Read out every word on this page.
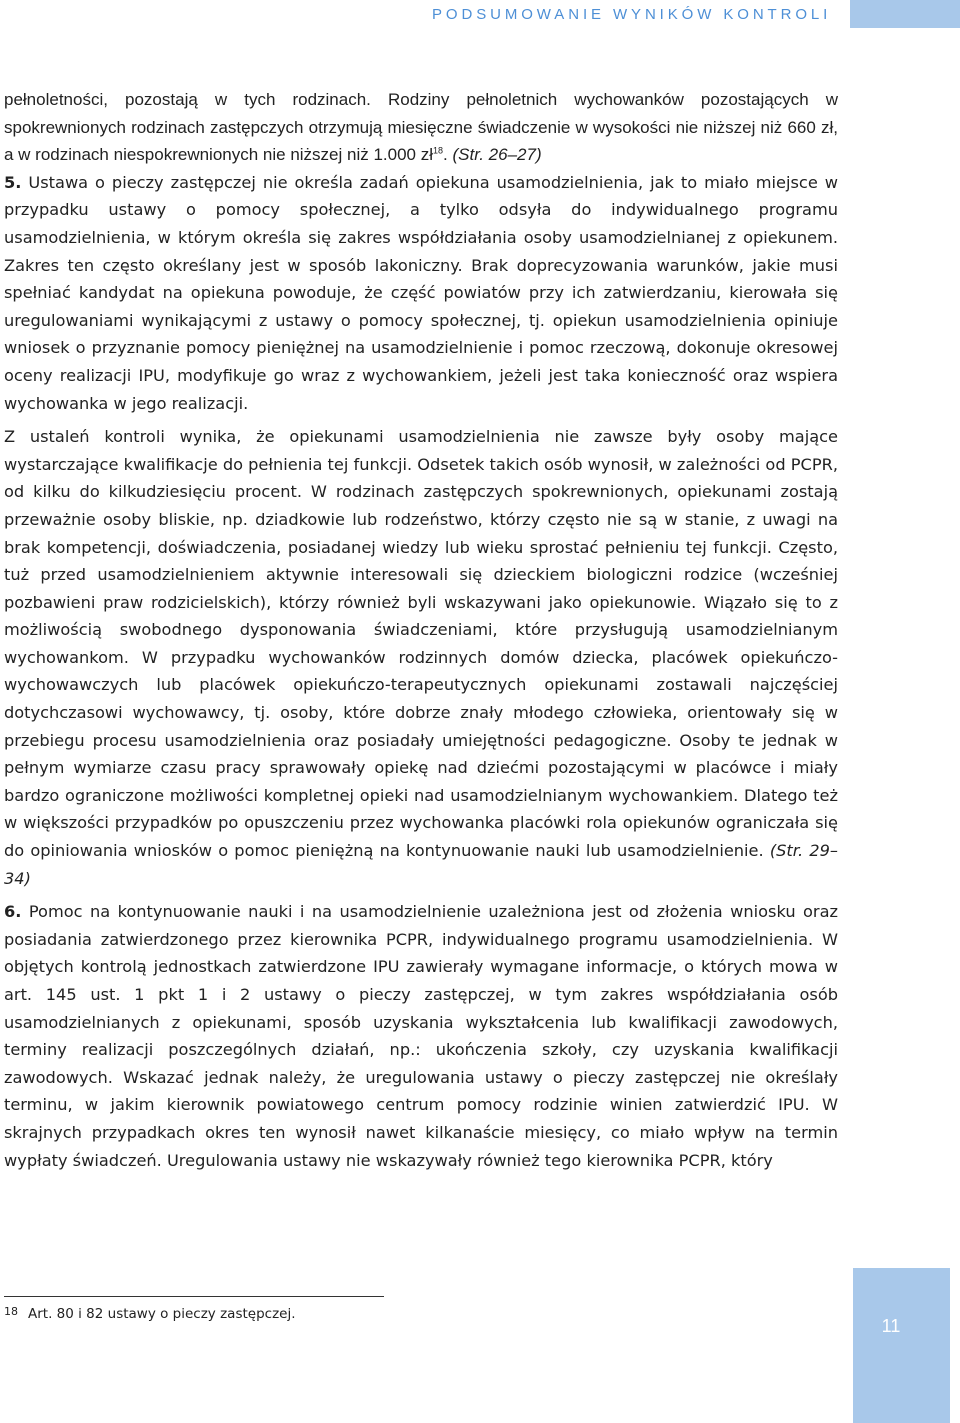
PODSUMOWANIE WYNIKÓW KONTROLI

pełnoletności, pozostają w tych rodzinach. Rodziny pełnoletnich wychowanków pozostających w spokrewnionych rodzinach zastępczych otrzymują miesięczne świadczenie w wysokości nie niższej niż 660 zł, a w rodzinach niespokrewnionych nie niższej niż 1.000 $zł^{18}$. (Str. 26–27)

5. Ustawa o pieczy zastępczej nie określa zadań opiekuna usamodzielnienia, jak to miało miejsce w przypadku ustawy o pomocy społecznej, a tylko odsyła do indywidualnego programu usamodzielnienia, w którym określa się zakres współdziałania osoby usamodzielnianej z opiekunem. Zakres ten często określany jest w sposób lakoniczny. Brak doprecyzowania warunków, jakie musi spełniać kandydat na opiekuna powoduje, że część powiatów przy ich zatwierdzaniu, kierowała się uregulowaniami wynikającymi z ustawy o pomocy społecznej, tj. opiekun usamodzielnienia opiniuje wniosek o przyznanie pomocy pieniężnej na usamodzielnienie i pomoc rzeczową, dokonuje okresowej oceny realizacji IPU, modyfikuje go wraz z wychowankiem, jeżeli jest taka konieczność oraz wspiera wychowanka w jego realizacji.

Z ustaleń kontroli wynika, że opiekunami usamodzielnienia nie zawsze były osoby mające wystarczające kwalifikacje do pełnienia tej funkcji. Odsetek takich osób wynosił, w zależności od PCPR, od kilku do kilkudziesięciu procent. W rodzinach zastępczych spokrewnionych, opiekunami zostają przeważnie osoby bliskie, np. dziadkowie lub rodzeństwo, którzy często nie są w stanie, z uwagi na brak kompetencji, doświadczenia, posiadanej wiedzy lub wieku sprostać pełnieniu tej funkcji. Często, tuż przed usamodzielnieniem aktywnie interesowali się dzieckiem biologiczni rodzice (wcześniej pozbawieni praw rodzicielskich), którzy również byli wskazywani jako opiekunowie. Wiązało się to z możliwością swobodnego dysponowania świadczeniami, które przysługują usamodzielnianym wychowankom. W przypadku wychowanków rodzinnych domów dziecka, placówek opiekuńczo-wychowawczych lub placówek opiekuńczo-terapeutycznych opiekunami zostawali najczęściej dotychczasowi wychowawcy, tj. osoby, które dobrze znały młodego człowieka, orientowały się w przebiegu procesu usamodzielnienia oraz posiadały umiejętności pedagogiczne. Osoby te jednak w pełnym wymiarze czasu pracy sprawowały opiekę nad dziećmi pozostającymi w placówce i miały bardzo ograniczone możliwości kompletnej opieki nad usamodzielnianym wychowankiem. Dlatego też w większości przypadków po opuszczeniu przez wychowanka placówki rola opiekunów ograniczała się do opiniowania wniosków o pomoc pieniężną na kontynuowanie nauki lub usamodzielnienie. (Str. 29–34)

6. Pomoc na kontynuowanie nauki i na usamodzielnienie uzależniona jest od złożenia wniosku oraz posiadania zatwierdzonego przez kierownika PCPR, indywidualnego programu usamodzielnienia. W objętych kontrolą jednostkach zatwierdzone IPU zawierały wymagane informacje, o których mowa w art. 145 ust. 1 pkt 1 i 2 ustawy o pieczy zastępczej, w tym zakres współdziałania osób usamodzielnianych z opiekunami, sposób uzyskania wykształcenia lub kwalifikacji zawodowych, terminy realizacji poszczególnych działań, np.: ukończenia szkoły, czy uzyskania kwalifikacji zawodowych. Wskazać jednak należy, że uregulowania ustawy o pieczy zastępczej nie określały terminu, w jakim kierownik powiatowego centrum pomocy rodzinie winien zatwierdzić IPU. W skrajnych przypadkach okres ten wynosił nawet kilkanaście miesięcy, co miało wpływ na termin wypłaty świadczeń. Uregulowania ustawy nie wskazywały również tego kierownika PCPR, który

18 Art. 80 i 82 ustawy o pieczy zastępczej.
11
